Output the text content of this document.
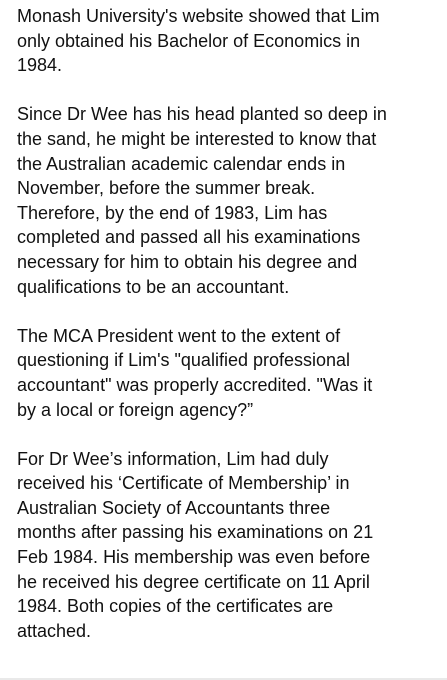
Monash University's website showed that Lim
only obtained his Bachelor of Economics in
1984.

Since Dr Wee has his head planted so deep in
the sand, he might be interested to know that
the Australian academic calendar ends in
November, before the summer break.
Therefore, by the end of 1983, Lim has
completed and passed all his examinations
necessary for him to obtain his degree and
qualifications to be an accountant.

The MCA President went to the extent of
questioning if Lim's "qualified professional
accountant" was properly accredited. "Was it
by a local or foreign agency?”

For Dr Wee’s information, Lim had duly
received his ‘Certificate of Membership’ in
Australian Society of Accountants three
months after passing his examinations on 21
Feb 1984. His membership was even before
he received his degree certificate on 11 April
1984. Both copies of the certificates are
attached.
